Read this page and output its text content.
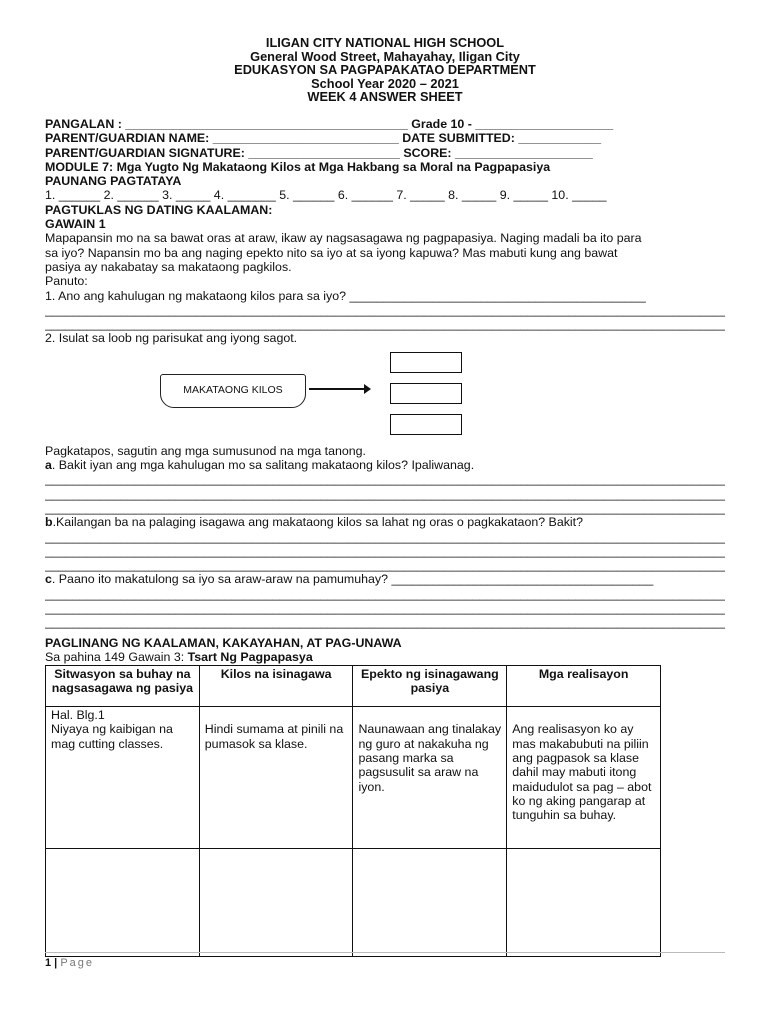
ILIGAN CITY NATIONAL HIGH SCHOOL
General Wood Street, Mahayahay, Iligan City
EDUKASYON SA PAGPAPAKATAO DEPARTMENT
School Year 2020 – 2021
WEEK 4 ANSWER SHEET
PANGALAN : _________________________________________ Grade 10 - ____________________
PARENT/GUARDIAN NAME: ___________________________ DATE SUBMITTED: ____________
PARENT/GUARDIAN SIGNATURE: ______________________ SCORE: ____________________
MODULE 7: Mga Yugto Ng Makataong Kilos at Mga Hakbang sa Moral na Pagpapasiya
PAUNANG PAGTATAYA
1. ______ 2. ______ 3. _____ 4. _______ 5. ______ 6. ______ 7. _____ 8. _____ 9. _____ 10. _____
PAGTUKLAS NG DATING KAALAMAN:
GAWAIN 1
Mapapansin mo na sa bawat oras at araw, ikaw ay nagsasagawa ng pagpapasiya. Naging madali ba ito para
sa iyo? Napansin mo ba ang naging epekto nito sa iyo at sa iyong kapuwa? Mas mabuti kung ang bawat
pasiya ay nakabatay sa makataong pagkilos.
Panuto:
1. Ano ang kahulugan ng makataong kilos para sa iyo? ___________________________________________
_____
_____
2. Isulat sa loob ng parisukat ang iyong sagot.
MAKATAONG KILOS
Pagkatapos, sagutin ang mga sumusunod na mga tanong.
a. Bakit iyan ang mga kahulugan mo sa salitang makataong kilos? Ipaliwanag.
_____
_____
_____
b.Kailangan ba na palaging isagawa ang makataong kilos sa lahat ng oras o pagkakataon? Bakit?
_____
_____
_____
c. Paano ito makatulong sa iyo sa araw-araw na pamumuhay? ______________________________________
_____
_____
_____
PAGLINANG NG KAALAMAN, KAKAYAHAN, AT PAG-UNAWA
Sa pahina 149 Gawain 3: Tsart Ng Pagpapasya
Sitwasyon sa buhay na nagsasagawa ng pasiya	Kilos na isinagawa	Epekto ng isinagawang pasiya	Mga realisayon

Hal. Blg.1
Niyaya ng kaibigan na mag cutting classes.	Hindi sumama at pinili na pumasok sa klase.	Naunawaan ang tinalakay ng guro at nakakuha ng pasang marka sa pagsusulit sa araw na iyon.	Ang realisasyon ko ay mas makabubuti na piliin ang pagpasok sa klase dahil may mabuti itong maidudulot sa pag – abot ko ng aking pangarap at tunguhin sa buhay.

1 | Page
